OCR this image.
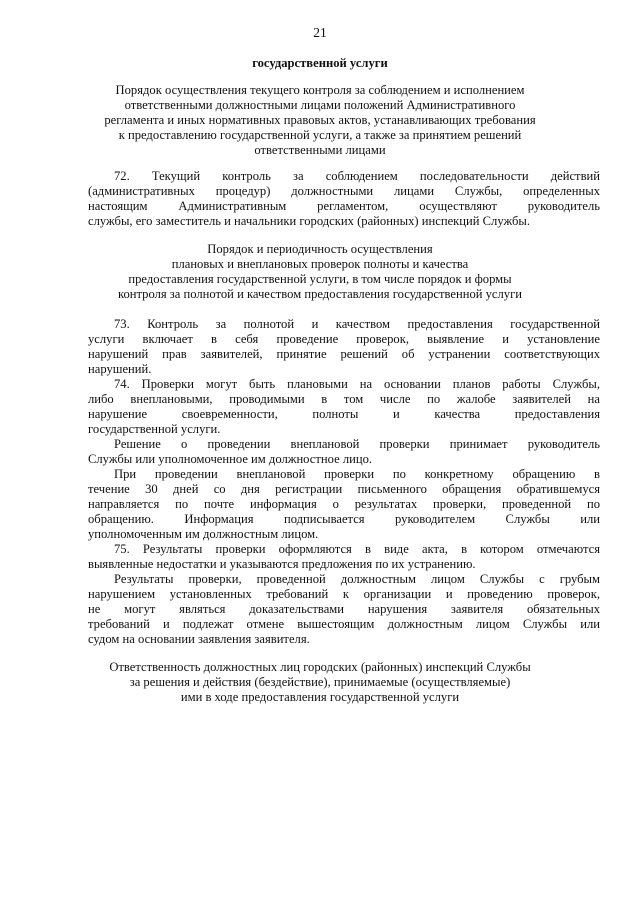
21
государственной услуги
Порядок осуществления текущего контроля за соблюдением и исполнением
ответственными должностными лицами положений Административного
регламента и иных нормативных правовых актов, устанавливающих требования
к предоставлению государственной услуги, а также за принятием решений
ответственными лицами
72. Текущий контроль за соблюдением последовательности действий
(административных процедур) должностными лицами Службы, определенных
настоящим Административным регламентом, осуществляют руководитель
службы, его заместитель и начальники городских (районных) инспекций Службы.
Порядок и периодичность осуществления
плановых и внеплановых проверок полноты и качества
предоставления государственной услуги, в том числе порядок и формы
контроля за полнотой и качеством предоставления государственной услуги
73. Контроль за полнотой и качеством предоставления государственной
услуги включает в себя проведение проверок, выявление и установление
нарушений прав заявителей, принятие решений об устранении соответствующих
нарушений.
74. Проверки могут быть плановыми на основании планов работы Службы,
либо внеплановыми, проводимыми в том числе по жалобе заявителей на
нарушение своевременности, полноты и качества предоставления
государственной услуги.
Решение о проведении внеплановой проверки принимает руководитель
Службы или уполномоченное им должностное лицо.
При проведении внеплановой проверки по конкретному обращению в
течение 30 дней со дня регистрации письменного обращения обратившемуся
направляется по почте информация о результатах проверки, проведенной по
обращению. Информация подписывается руководителем Службы или
уполномоченным им должностным лицом.
75. Результаты проверки оформляются в виде акта, в котором отмечаются
выявленные недостатки и указываются предложения по их устранению.
Результаты проверки, проведенной должностным лицом Службы с грубым
нарушением установленных требований к организации и проведению проверок,
не могут являться доказательствами нарушения заявителя обязательных
требований и подлежат отмене вышестоящим должностным лицом Службы или
судом на основании заявления заявителя.
Ответственность должностных лиц городских (районных) инспекций Службы
за решения и действия (бездействие), принимаемые (осуществляемые)
ими в ходе предоставления государственной услуги
